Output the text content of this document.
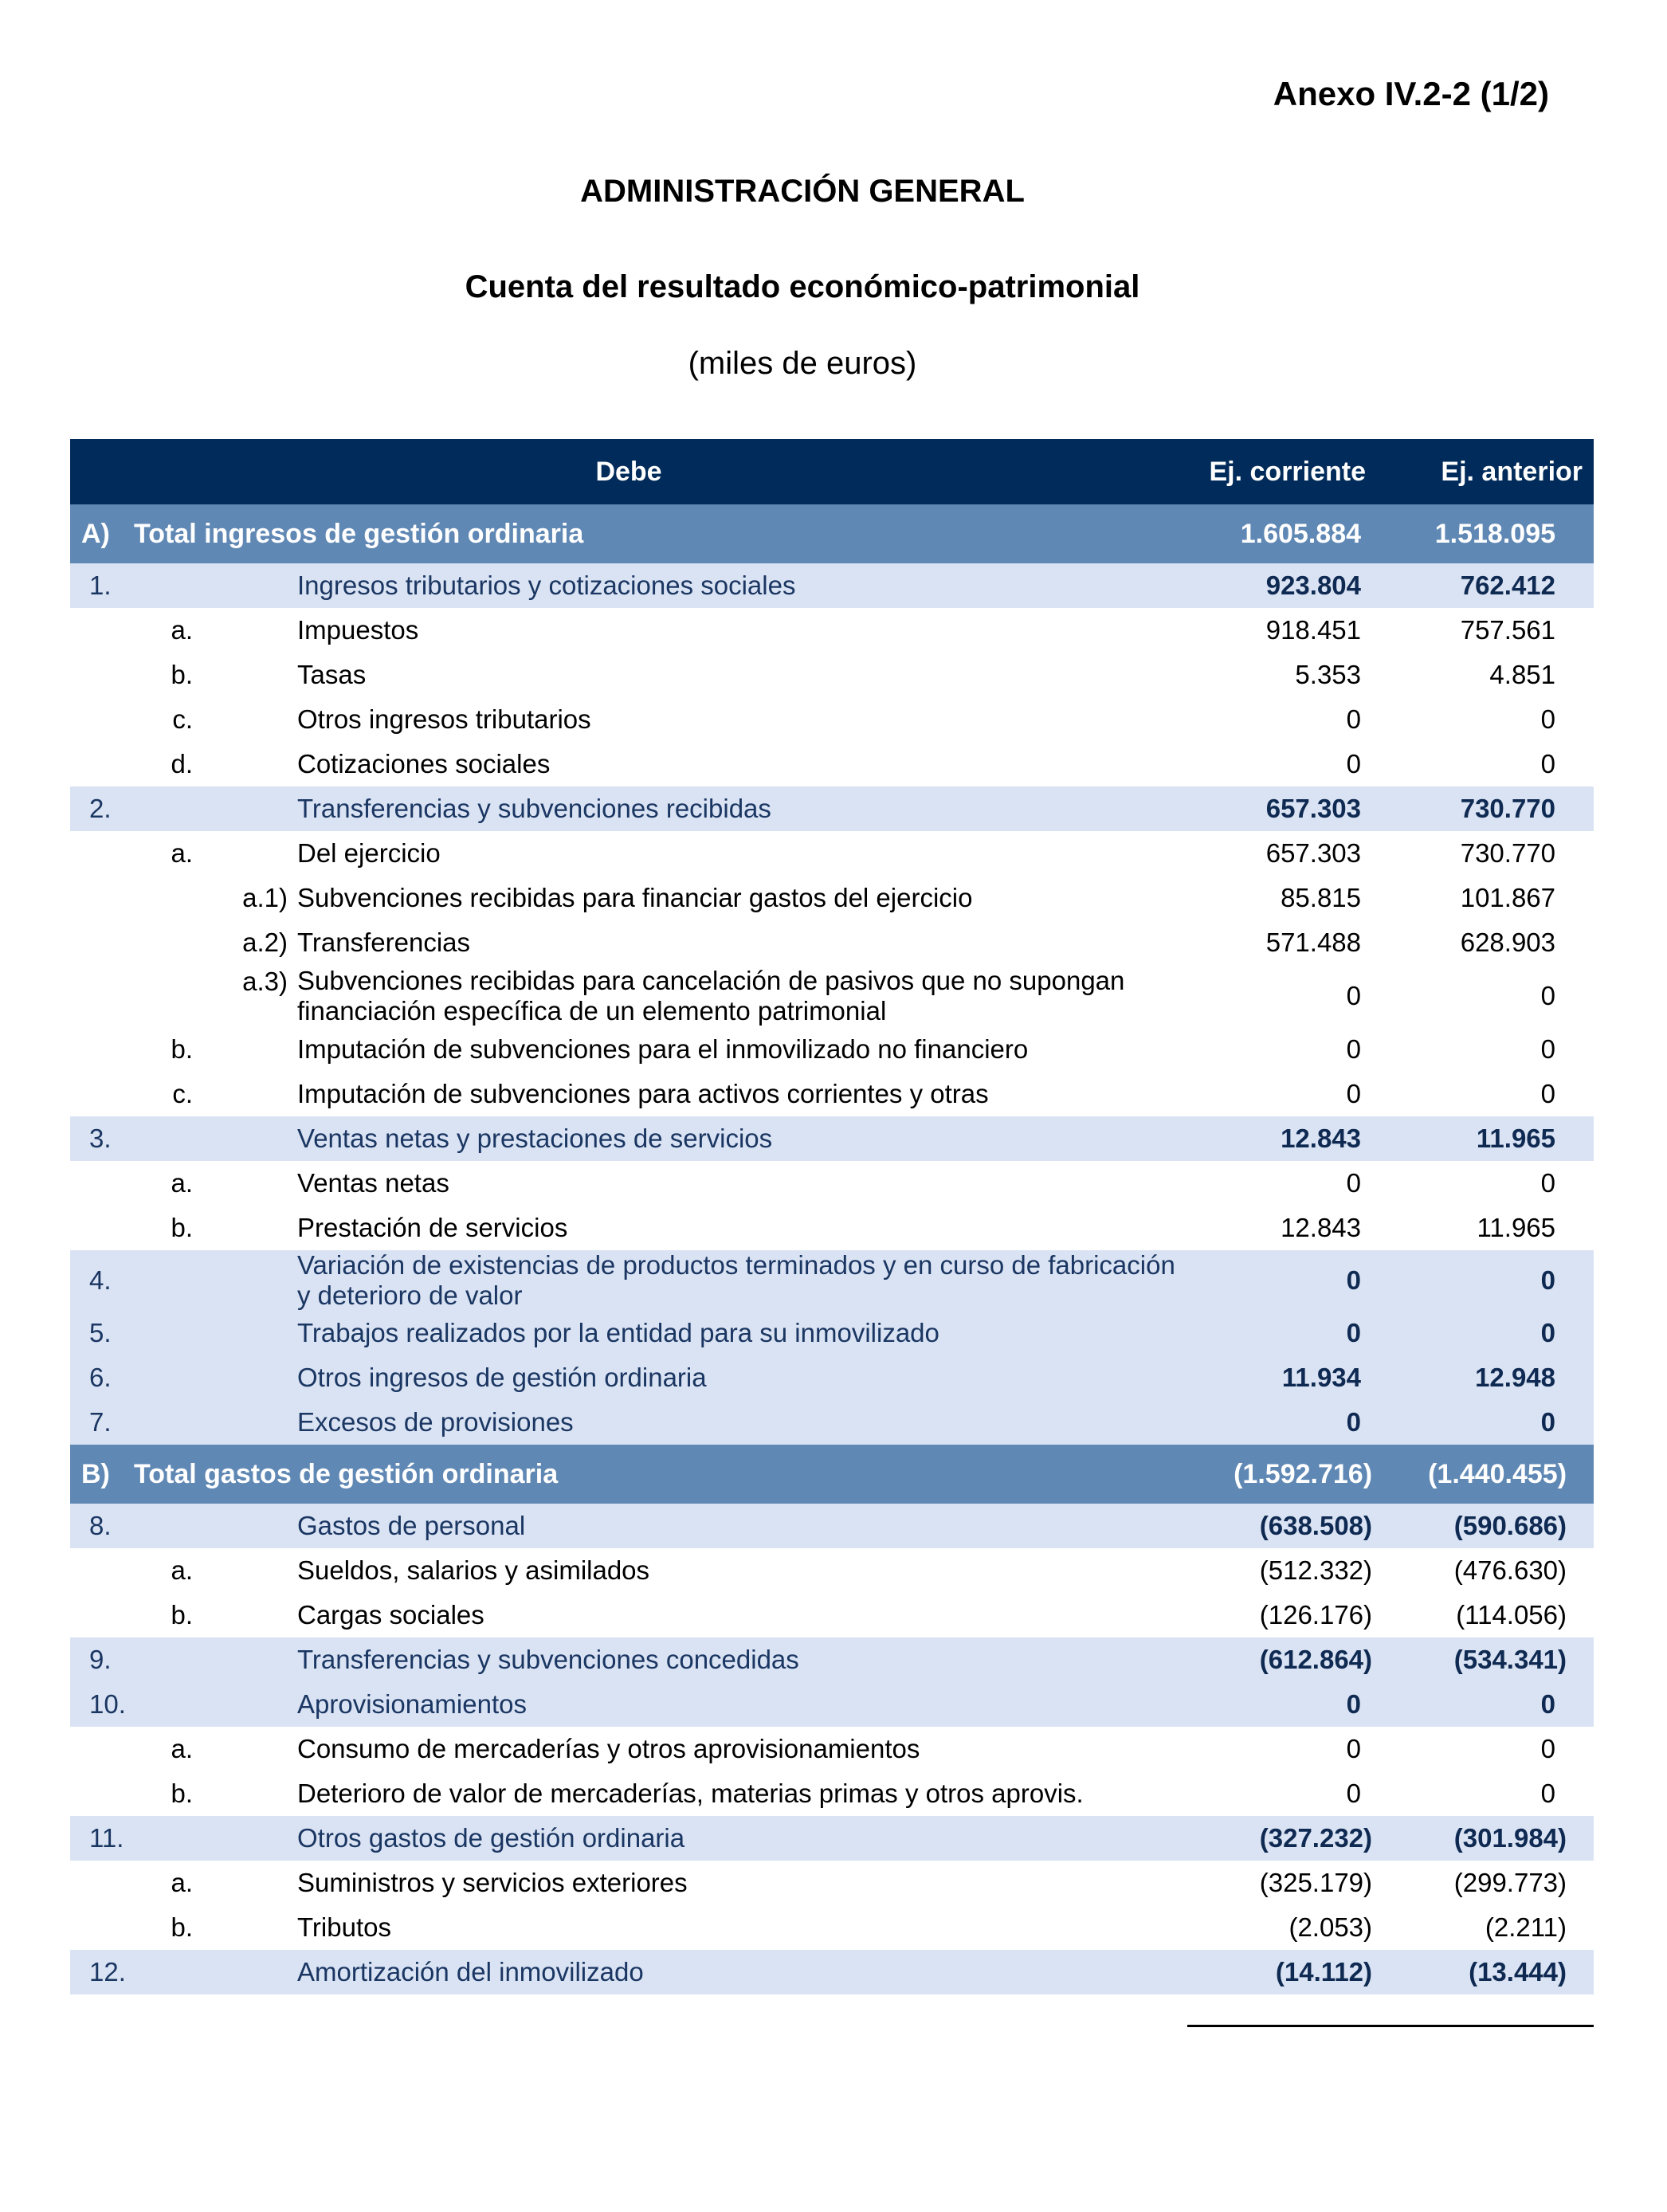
Anexo IV.2-2 (1/2)
ADMINISTRACIÓN GENERAL
Cuenta del resultado económico-patrimonial
(miles de euros)
Debe				Ej. corriente	Ej. anterior
A)	Total ingresos de gestión ordinaria			1.605.884	1.518.095
1.			Ingresos tributarios y cotizaciones sociales	923.804	762.412
	a.		Impuestos	918.451	757.561
	b.		Tasas	5.353	4.851
	c.		Otros ingresos tributarios	0	0
	d.		Cotizaciones sociales	0	0
2.			Transferencias y subvenciones recibidas	657.303	730.770
	a.		Del ejercicio	657.303	730.770
		a.1)	Subvenciones recibidas para financiar gastos del ejercicio	85.815	101.867
		a.2)	Transferencias	571.488	628.903
		a.3)	Subvenciones recibidas para cancelación de pasivos que no supongan financiación específica de un elemento patrimonial	0	0
	b.		Imputación de subvenciones para el inmovilizado no financiero	0	0
	c.		Imputación de subvenciones para activos corrientes y otras	0	0
3.			Ventas netas y prestaciones de servicios	12.843	11.965
	a.		Ventas netas	0	0
	b.		Prestación de servicios	12.843	11.965
4.			Variación de existencias de productos terminados y en curso de fabricación y deterioro de valor	0	0
5.			Trabajos realizados por la entidad para su inmovilizado	0	0
6.			Otros ingresos de gestión ordinaria	11.934	12.948
7.			Excesos de provisiones	0	0
B)	Total gastos de gestión ordinaria			(1.592.716)	(1.440.455)
8.			Gastos de personal	(638.508)	(590.686)
	a.		Sueldos, salarios y asimilados	(512.332)	(476.630)
	b.		Cargas sociales	(126.176)	(114.056)
9.			Transferencias y subvenciones concedidas	(612.864)	(534.341)
10.			Aprovisionamientos	0	0
	a.		Consumo de mercaderías y otros aprovisionamientos	0	0
	b.		Deterioro de valor de mercaderías, materias primas y otros aprovis.	0	0
11.			Otros gastos de gestión ordinaria	(327.232)	(301.984)
	a.		Suministros y servicios exteriores	(325.179)	(299.773)
	b.		Tributos	(2.053)	(2.211)
12.			Amortización del inmovilizado	(14.112)	(13.444)
